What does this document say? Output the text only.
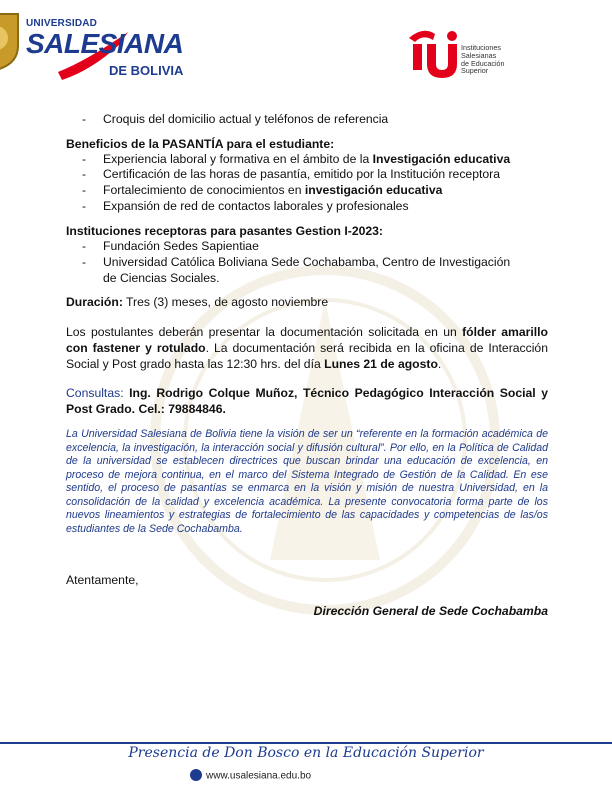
UNIVERSIDAD
SALESIANA
DE BOLIVIA
Instituciones
Salesianas
de Educación
Superior
- Croquis del domicilio actual y teléfonos de referencia
Beneficios de la PASANTÍA para el estudiante:
- Experiencia laboral y formativa en el ámbito de la Investigación educativa
- Certificación de las horas de pasantía, emitido por la Institución receptora
- Fortalecimiento de conocimientos en investigación educativa
- Expansión de red de contactos laborales y profesionales
Instituciones receptoras para pasantes Gestion I-2023:
- Fundación Sedes Sapientiae
- Universidad Católica Boliviana Sede Cochabamba, Centro de Investigación
de Ciencias Sociales.
Duración: Tres (3) meses, de agosto noviembre
Los postulantes deberán presentar la documentación solicitada en un fólder amarillo con fastener y rotulado. La documentación será recibida en la oficina de Interacción Social y Post grado hasta las 12:30 hrs. del día Lunes 21 de agosto.
Consultas: Ing. Rodrigo Colque Muñoz, Técnico Pedagógico Interacción Social y Post Grado. Cel.: 79884846.
La Universidad Salesiana de Bolivia tiene la visión de ser un “referente en la formación académica de excelencia, la investigación, la interacción social y difusión cultural”. Por ello, en la Política de Calidad de la universidad se establecen directrices que buscan brindar una educación de excelencia, en proceso de mejora continua, en el marco del Sistema Integrado de Gestión de la Calidad. En ese sentido, el proceso de pasantías se enmarca en la visión y misión de nuestra Universidad, en la consolidación de la calidad y excelencia académica. La presente convocatoria forma parte de los nuevos lineamientos y estrategias de fortalecimiento de las capacidades y competencias de las/os estudiantes de la Sede Cochabamba.
Atentamente,
Dirección General de Sede Cochabamba
Presencia de Don Bosco en la Educación Superior
www.usalesiana.edu.bo
